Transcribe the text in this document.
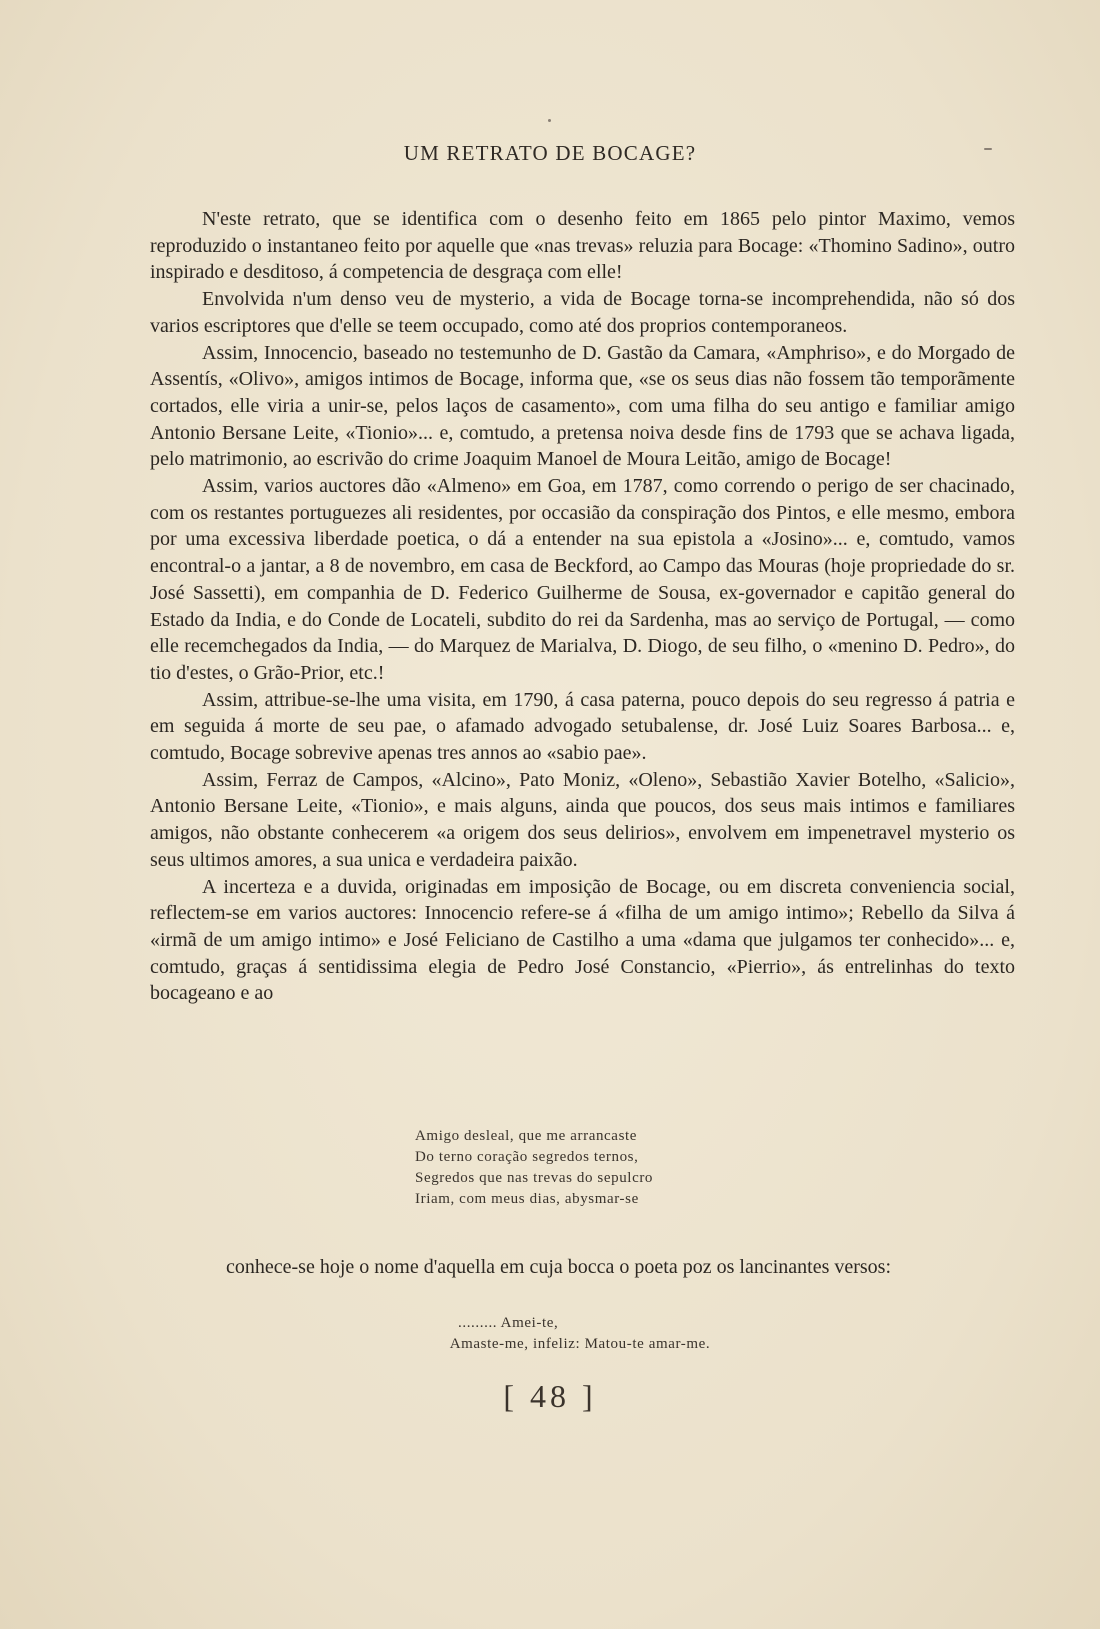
UM RETRATO DE BOCAGE?

N'este retrato, que se identifica com o desenho feito em 1865 pelo pintor Maximo, vemos reproduzido o instantaneo feito por aquelle que «nas trevas» reluzia para Bocage: «Thomino Sadino», outro inspirado e desditoso, á competencia de desgraça com elle!

Envolvida n'um denso veu de mysterio, a vida de Bocage torna-se incomprehendida, não só dos varios escriptores que d'elle se teem occupado, como até dos proprios contemporaneos.

Assim, Innocencio, baseado no testemunho de D. Gastão da Camara, «Amphriso», e do Morgado de Assentís, «Olivo», amigos intimos de Bocage, informa que, «se os seus dias não fossem tão temporãmente cortados, elle viria a unir-se, pelos laços de casamento», com uma filha do seu antigo e familiar amigo Antonio Bersane Leite, «Tionio»... e, comtudo, a pretensa noiva desde fins de 1793 que se achava ligada, pelo matrimonio, ao escrivão do crime Joaquim Manoel de Moura Leitão, amigo de Bocage!

Assim, varios auctores dão «Almeno» em Goa, em 1787, como correndo o perigo de ser chacinado, com os restantes portuguezes ali residentes, por occasião da conspiração dos Pintos, e elle mesmo, embora por uma excessiva liberdade poetica, o dá a entender na sua epistola a «Josino»... e, comtudo, vamos encontral-o a jantar, a 8 de novembro, em casa de Beckford, ao Campo das Mouras (hoje propriedade do sr. José Sassetti), em companhia de D. Federico Guilherme de Sousa, ex-governador e capitão general do Estado da India, e do Conde de Locateli, subdito do rei da Sardenha, mas ao serviço de Portugal, — como elle recemchegados da India, — do Marquez de Marialva, D. Diogo, de seu filho, o «menino D. Pedro», do tio d'estes, o Grão-Prior, etc.!

Assim, attribue-se-lhe uma visita, em 1790, á casa paterna, pouco depois do seu regresso á patria e em seguida á morte de seu pae, o afamado advogado setubalense, dr. José Luiz Soares Barbosa... e, comtudo, Bocage sobrevive apenas tres annos ao «sabio pae».

Assim, Ferraz de Campos, «Alcino», Pato Moniz, «Oleno», Sebastião Xavier Botelho, «Salicio», Antonio Bersane Leite, «Tionio», e mais alguns, ainda que poucos, dos seus mais intimos e familiares amigos, não obstante conhecerem «a origem dos seus delirios», envolvem em impenetravel mysterio os seus ultimos amores, a sua unica e verdadeira paixão.

A incerteza e a duvida, originadas em imposição de Bocage, ou em discreta conveniencia social, reflectem-se em varios auctores: Innocencio refere-se á «filha de um amigo intimo»; Rebello da Silva á «irmã de um amigo intimo» e José Feliciano de Castilho a uma «dama que julgamos ter conhecido»... e, comtudo, graças á sentidissima elegia de Pedro José Constancio, «Pierrio», ás entrelinhas do texto bocageano e ao

Amigo desleal, que me arrancaste
Do terno coração segredos ternos,
Segredos que nas trevas do sepulcro
Iriam, com meus dias, abysmar-se
conhece-se hoje o nome d'aquella em cuja bocca o poeta poz os lancinantes versos:
......... Amei-te,
Amaste-me, infeliz: Matou-te amar-me.
[ 48 ]
